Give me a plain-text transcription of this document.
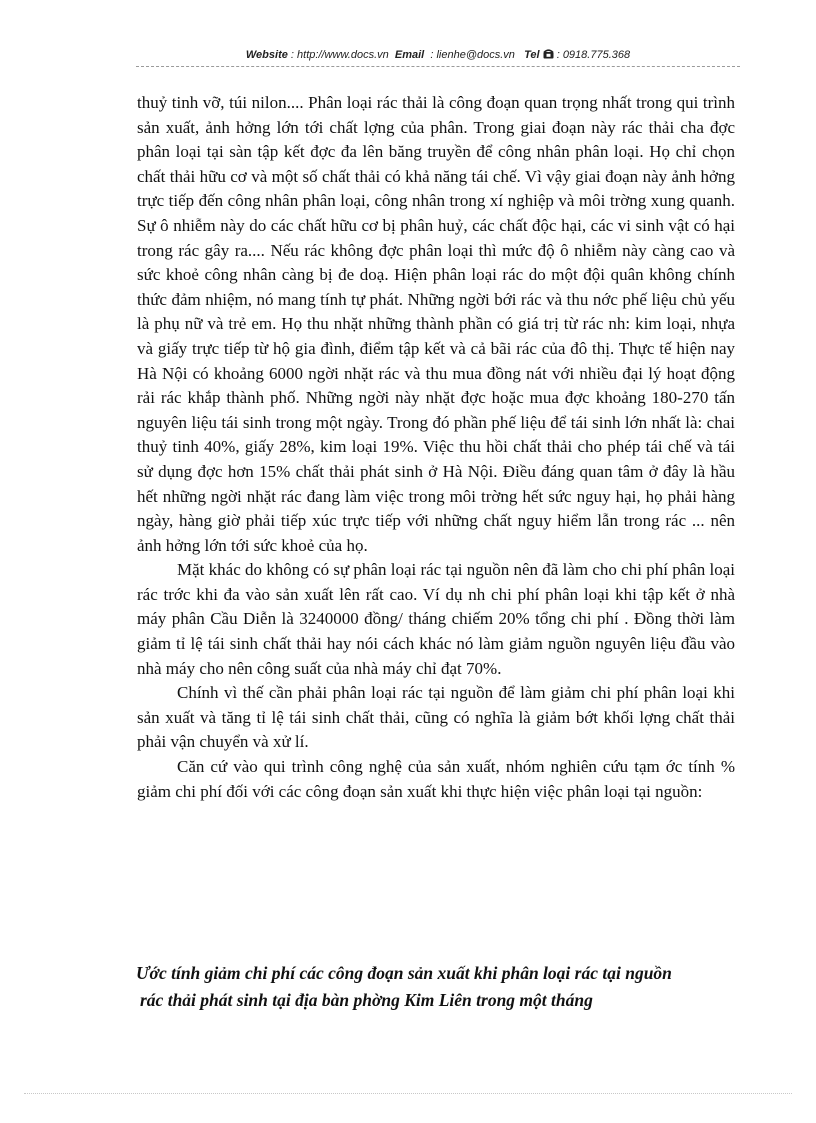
Website : http://www.docs.vn Email : lienhe@docs.vn Tel : 0918.775.368

thuỷ tinh vỡ, túi nilon.... Phân loại rác thải là công đoạn quan trọng nhất trong qui trình sản xuất, ảnh hởng lớn tới chất lợng của phân. Trong giai đoạn này rác thải cha đợc phân loại tại sàn tập kết đợc đa lên băng truyền để công nhân phân loại. Họ chỉ chọn chất thải hữu cơ và một số chất thải có khả năng tái chế. Vì vậy giai đoạn này ảnh hởng trực tiếp đến công nhân phân loại, công nhân trong xí nghiệp và môi trờng xung quanh. Sự ô nhiễm này do các chất hữu cơ bị phân huỷ, các chất độc hại, các vi sinh vật có hại trong rác gây ra.... Nếu rác không đợc phân loại thì mức độ ô nhiễm này càng cao và sức khoẻ công nhân càng bị đe doạ. Hiện phân loại rác do một đội quân không chính thức đảm nhiệm, nó mang tính tự phát. Những ngời bới rác và thu nớc phế liệu chủ yếu là phụ nữ và trẻ em. Họ thu nhặt những thành phần có giá trị từ rác nh: kim loại, nhựa và giấy trực tiếp từ hộ gia đình, điểm tập kết và cả bãi rác của đô thị. Thực tế hiện nay Hà Nội có khoảng 6000 ngời nhặt rác và thu mua đồng nát với nhiều đại lý hoạt động rải rác khắp thành phố. Những ngời này nhặt đợc hoặc mua đợc khoảng 180-270 tấn nguyên liệu tái sinh trong một ngày. Trong đó phần phế liệu để tái sinh lớn nhất là: chai thuỷ tinh 40%, giấy 28%, kim loại 19%. Việc thu hồi chất thải cho phép tái chế và tái sử dụng đợc hơn 15% chất thải phát sinh ở Hà Nội. Điều đáng quan tâm ở đây là hầu hết những ngời nhặt rác đang làm việc trong môi trờng hết sức nguy hại, họ phải hàng ngày, hàng giờ phải tiếp xúc trực tiếp với những chất nguy hiểm lẫn trong rác ... nên ảnh hởng lớn tới sức khoẻ của họ.

Mặt khác do không có sự phân loại rác tại nguồn nên đã làm cho chi phí phân loại rác trớc khi đa vào sản xuất lên rất cao. Ví dụ nh chi phí phân loại khi tập kết ở nhà máy phân Cầu Diễn là 3240000 đồng/ tháng chiếm 20% tổng chi phí . Đồng thời làm giảm tỉ lệ tái sinh chất thải hay nói cách khác nó làm giảm nguồn nguyên liệu đầu vào nhà máy cho nên công suất của nhà máy chỉ đạt 70%.

Chính vì thế cần phải phân loại rác tại nguồn để làm giảm chi phí phân loại khi sản xuất và tăng tỉ lệ tái sinh chất thải, cũng có nghĩa là giảm bớt khối lợng chất thải phải vận chuyển và xử lí.

Căn cứ vào qui trình công nghệ của sản xuất, nhóm nghiên cứu tạm ớc tính % giảm chi phí đối với các công đoạn sản xuất khi thực hiện việc phân loại tại nguồn:

Ước tính giảm chi phí các công đoạn sản xuất khi phân loại rác tại nguồn

rác thải phát sinh tại địa bàn phờng Kim Liên trong một tháng
